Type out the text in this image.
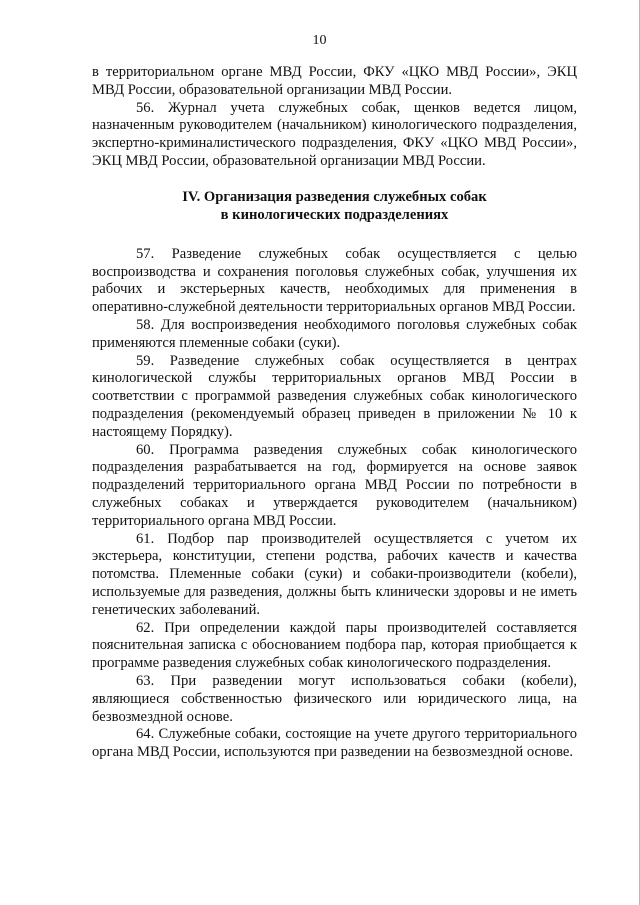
10

в территориальном органе МВД России, ФКУ «ЦКО МВД России», ЭКЦ МВД России, образовательной организации МВД России.

56. Журнал учета служебных собак, щенков ведется лицом, назначенным руководителем (начальником) кинологического подразделения, экспертно-криминалистического подразделения, ФКУ «ЦКО МВД России», ЭКЦ МВД России, образовательной организации МВД России.

IV. Организация разведения служебных собак
в кинологических подразделениях

57. Разведение служебных собак осуществляется с целью воспроизводства и сохранения поголовья служебных собак, улучшения их рабочих и экстерьерных качеств, необходимых для применения в оперативно-служебной деятельности территориальных органов МВД России.

58. Для воспроизведения необходимого поголовья служебных собак применяются племенные собаки (суки).

59. Разведение служебных собак осуществляется в центрах кинологической службы территориальных органов МВД России в соответствии с программой разведения служебных собак кинологического подразделения (рекомендуемый образец приведен в приложении № 10 к настоящему Порядку).

60. Программа разведения служебных собак кинологического подразделения разрабатывается на год, формируется на основе заявок подразделений территориального органа МВД России по потребности в служебных собаках и утверждается руководителем (начальником) территориального органа МВД России.

61. Подбор пар производителей осуществляется с учетом их экстерьера, конституции, степени родства, рабочих качеств и качества потомства. Племенные собаки (суки) и собаки-производители (кобели), используемые для разведения, должны быть клинически здоровы и не иметь генетических заболеваний.

62. При определении каждой пары производителей составляется пояснительная записка с обоснованием подбора пар, которая приобщается к программе разведения служебных собак кинологического подразделения.

63. При разведении могут использоваться собаки (кобели), являющиеся собственностью физического или юридического лица, на безвозмездной основе.

64. Служебные собаки, состоящие на учете другого территориального органа МВД России, используются при разведении на безвозмездной основе.
